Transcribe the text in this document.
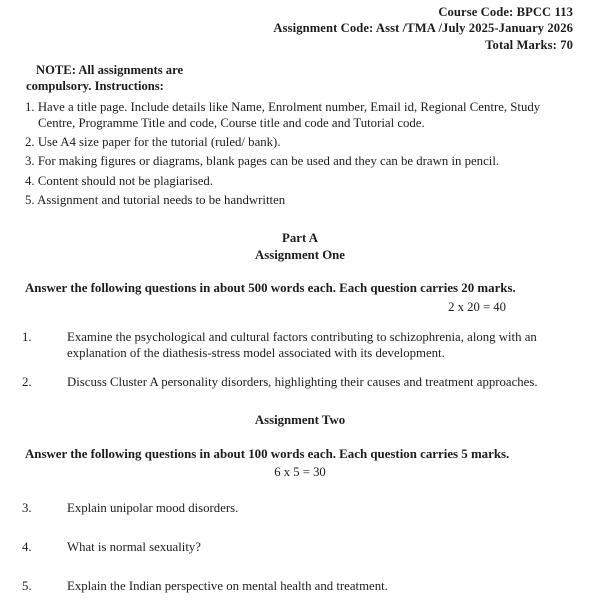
Course Code: BPCC 113
Assignment Code: Asst /TMA /July 2025-January 2026
Total Marks: 70
NOTE: All assignments are
compulsory. Instructions:
1. Have a title page. Include details like Name, Enrolment number, Email id, Regional Centre, Study Centre, Programme Title and code, Course title and code and Tutorial code.
2. Use A4 size paper for the tutorial (ruled/ bank).
3. For making figures or diagrams, blank pages can be used and they can be drawn in pencil.
4. Content should not be plagiarised.
5. Assignment and tutorial needs to be handwritten
Part A
Assignment One
Answer the following questions in about 500 words each. Each question carries 20 marks.
2 x 20 = 40
1.	Examine the psychological and cultural factors contributing to schizophrenia, along with an explanation of the diathesis-stress model associated with its development.
2.	Discuss Cluster A personality disorders, highlighting their causes and treatment approaches.
Assignment Two
Answer the following questions in about 100 words each. Each question carries 5 marks.
6 x 5 = 30
3.	Explain unipolar mood disorders.
4.	What is normal sexuality?
5.	Explain the Indian perspective on mental health and treatment.
